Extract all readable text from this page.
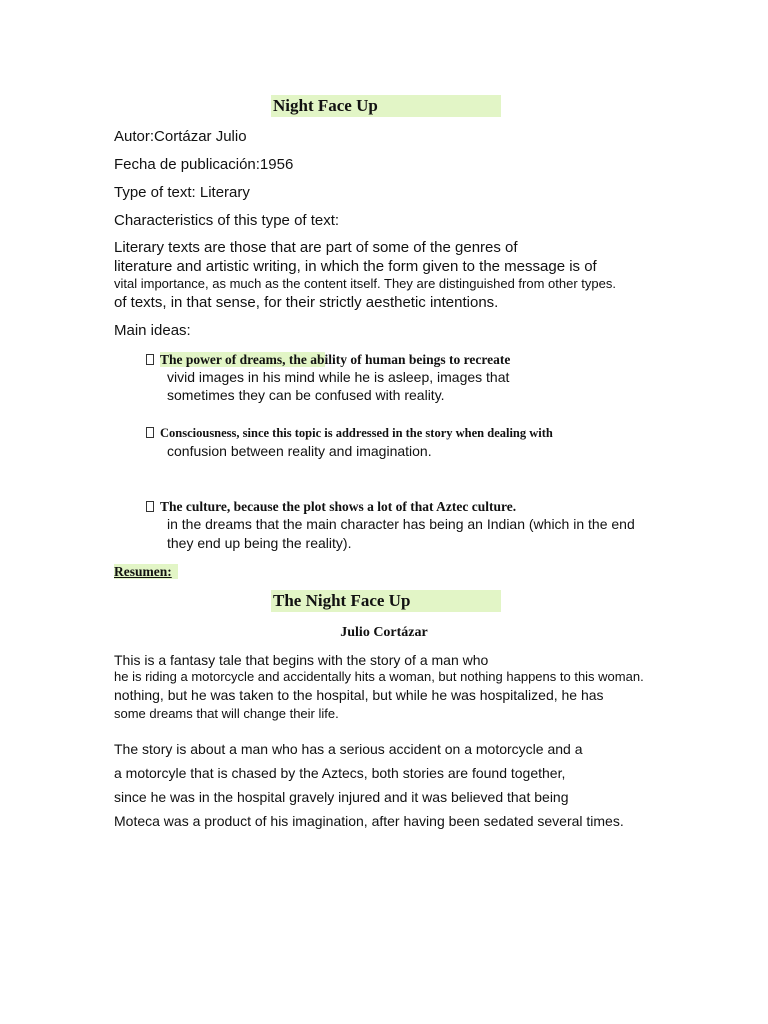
Night Face Up
Autor:Cortázar Julio
Fecha de publicación:1956
Type of text: Literary
Characteristics of this type of text:
Literary texts are those that are part of some of the genres of
literature and artistic writing, in which the form given to the message is of
vital importance, as much as the content itself. They are distinguished from other types.
of texts, in that sense, for their strictly aesthetic intentions.
Main ideas:
The power of dreams, the ability of human beings to recreate
vivid images in his mind while he is asleep, images that
sometimes they can be confused with reality.
Consciousness, since this topic is addressed in the story when dealing with
confusion between reality and imagination.
The culture, because the plot shows a lot of that Aztec culture.
in the dreams that the main character has being an Indian (which in the end
they end up being the reality).
Resumen:
The Night Face Up
Julio Cortázar
This is a fantasy tale that begins with the story of a man who
he is riding a motorcycle and accidentally hits a woman, but nothing happens to this woman.
nothing, but he was taken to the hospital, but while he was hospitalized, he has
some dreams that will change their life.
The story is about a man who has a serious accident on a motorcycle and a
a motorcyle that is chased by the Aztecs, both stories are found together,
since he was in the hospital gravely injured and it was believed that being
Moteca was a product of his imagination, after having been sedated several times.
